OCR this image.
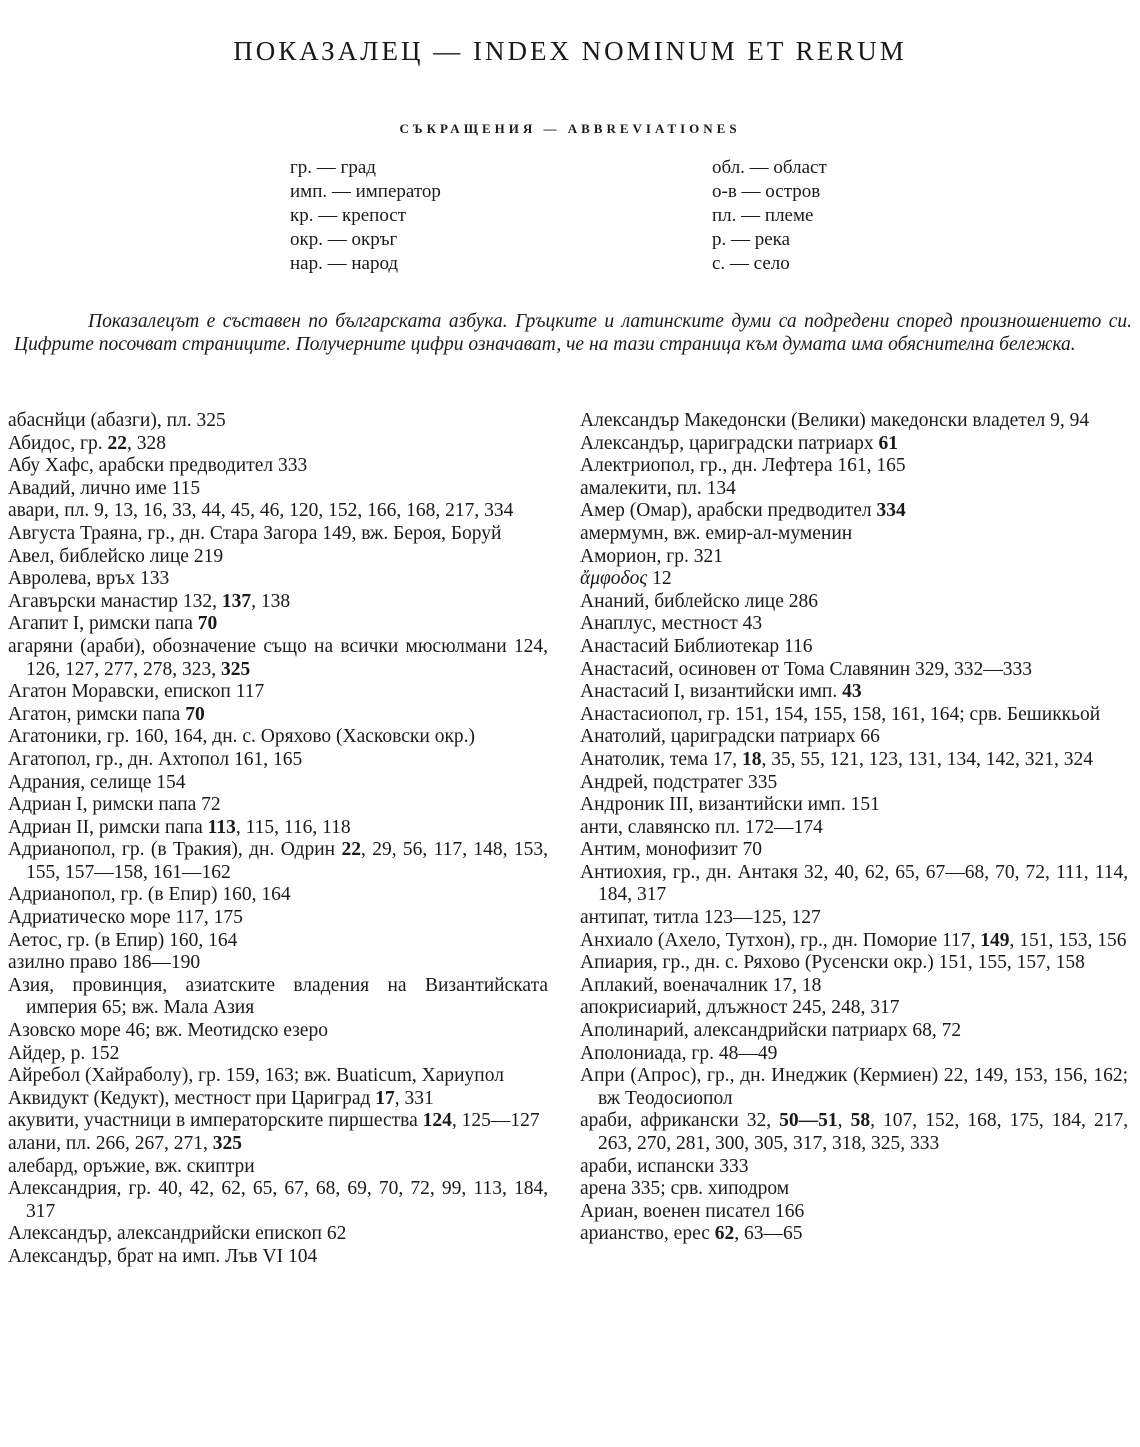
ПОКАЗАЛЕЦ — INDEX NOMINUM ET RERUM
СЪКРАЩЕНИЯ — ABBREVIATIONES
гр. — град
имп. — император
кр. — крепост
окр. — окръг
нар. — народ
обл. — област
о-в — остров
пл. — племе
р. — река
с. — село
Показалецът е съставен по българската азбука. Гръцките и латинските думи са подредени според произношението си. Цифрите посочват страниците. Получерните цифри означават, че на тази страница към думата има обяснителна бележка.

абаснйци (абазги), пл. 325

Абидос, гр. 22, 328

Абу Хафс, арабски предводител 333

Авадий, лично име 115

авари, пл. 9, 13, 16, 33, 44, 45, 46, 120, 152, 166, 168, 217, 334

Августа Траяна, гр., дн. Стара Загора 149, вж. Бероя, Боруй

Авел, библейско лице 219

Авролева, връх 133

Агавърски манастир 132, 137, 138

Агапит I, римски папа 70

агаряни (араби), обозначение също на всички мюсюлмани 124, 126, 127, 277, 278, 323, 325

Агатон Моравски, епископ 117

Агатон, римски папа 70

Агатоники, гр. 160, 164, дн. с. Оряхово (Хасковски окр.)

Агатопол, гр., дн. Ахтопол 161, 165

Адрания, селище 154

Адриан I, римски папа 72

Адриан II, римски папа 113, 115, 116, 118

Адрианопол, гр. (в Тракия), дн. Одрин 22, 29, 56, 117, 148, 153, 155, 157—158, 161—162

Адрианопол, гр. (в Епир) 160, 164

Адриатическо море 117, 175

Аетос, гр. (в Епир) 160, 164

азилно право 186—190

Азия, провинция, азиатските владения на Византийската империя 65; вж. Мала Азия

Азовско море 46; вж. Меотидско езеро

Айдер, р. 152

Айребол (Хайраболу), гр. 159, 163; вж. Buaticum, Хариупол

Аквидукт (Кедукт), местност при Цариград 17, 331

акувити, участници в императорските пиршества 124, 125—127

алани, пл. 266, 267, 271, 325

алебард, оръжие, вж. скиптри

Александрия, гр. 40, 42, 62, 65, 67, 68, 69, 70, 72, 99, 113, 184, 317

Александър, александрийски епископ 62

Александър, брат на имп. Лъв VI 104

Александър Македонски (Велики) македонски владетел 9, 94

Александър, цариградски патриарх 61

Алектриопол, гр., дн. Лефтера 161, 165

амалекити, пл. 134

Амер (Омар), арабски предводител 334

амермумн, вж. емир-ал-муменин

Аморион, гр. 321

ἄμφοδος 12

Ананий, библейско лице 286

Анаплус, местност 43

Анастасий Библиотекар 116

Анастасий, осиновен от Тома Славянин 329, 332—333

Анастасий I, византийски имп. 43

Анастасиопол, гр. 151, 154, 155, 158, 161, 164; срв. Бешиккьой

Анатолий, цариградски патриарх 66

Анатолик, тема 17, 18, 35, 55, 121, 123, 131, 134, 142, 321, 324

Андрей, подстратег 335

Андроник III, византийски имп. 151

анти, славянско пл. 172—174

Антим, монофизит 70

Антиохия, гр., дн. Антакя 32, 40, 62, 65, 67—68, 70, 72, 111, 114, 184, 317

антипат, титла 123—125, 127

Анхиало (Ахело, Тутхон), гр., дн. Поморие 117, 149, 151, 153, 156

Апиария, гр., дн. с. Ряхово (Русенски окр.) 151, 155, 157, 158

Аплакий, военачалник 17, 18

апокрисиарий, длъжност 245, 248, 317

Аполинарий, александрийски патриарх 68, 72

Аполониада, гр. 48—49

Апри (Апрос), гр., дн. Инеджик (Кермиен) 22, 149, 153, 156, 162; вж Теодосиопол

араби, африкански 32, 50—51, 58, 107, 152, 168, 175, 184, 217, 263, 270, 281, 300, 305, 317, 318, 325, 333

араби, испански 333

арена 335; срв. хиподром

Ариан, военен писател 166

арианство, ерес 62, 63—65
